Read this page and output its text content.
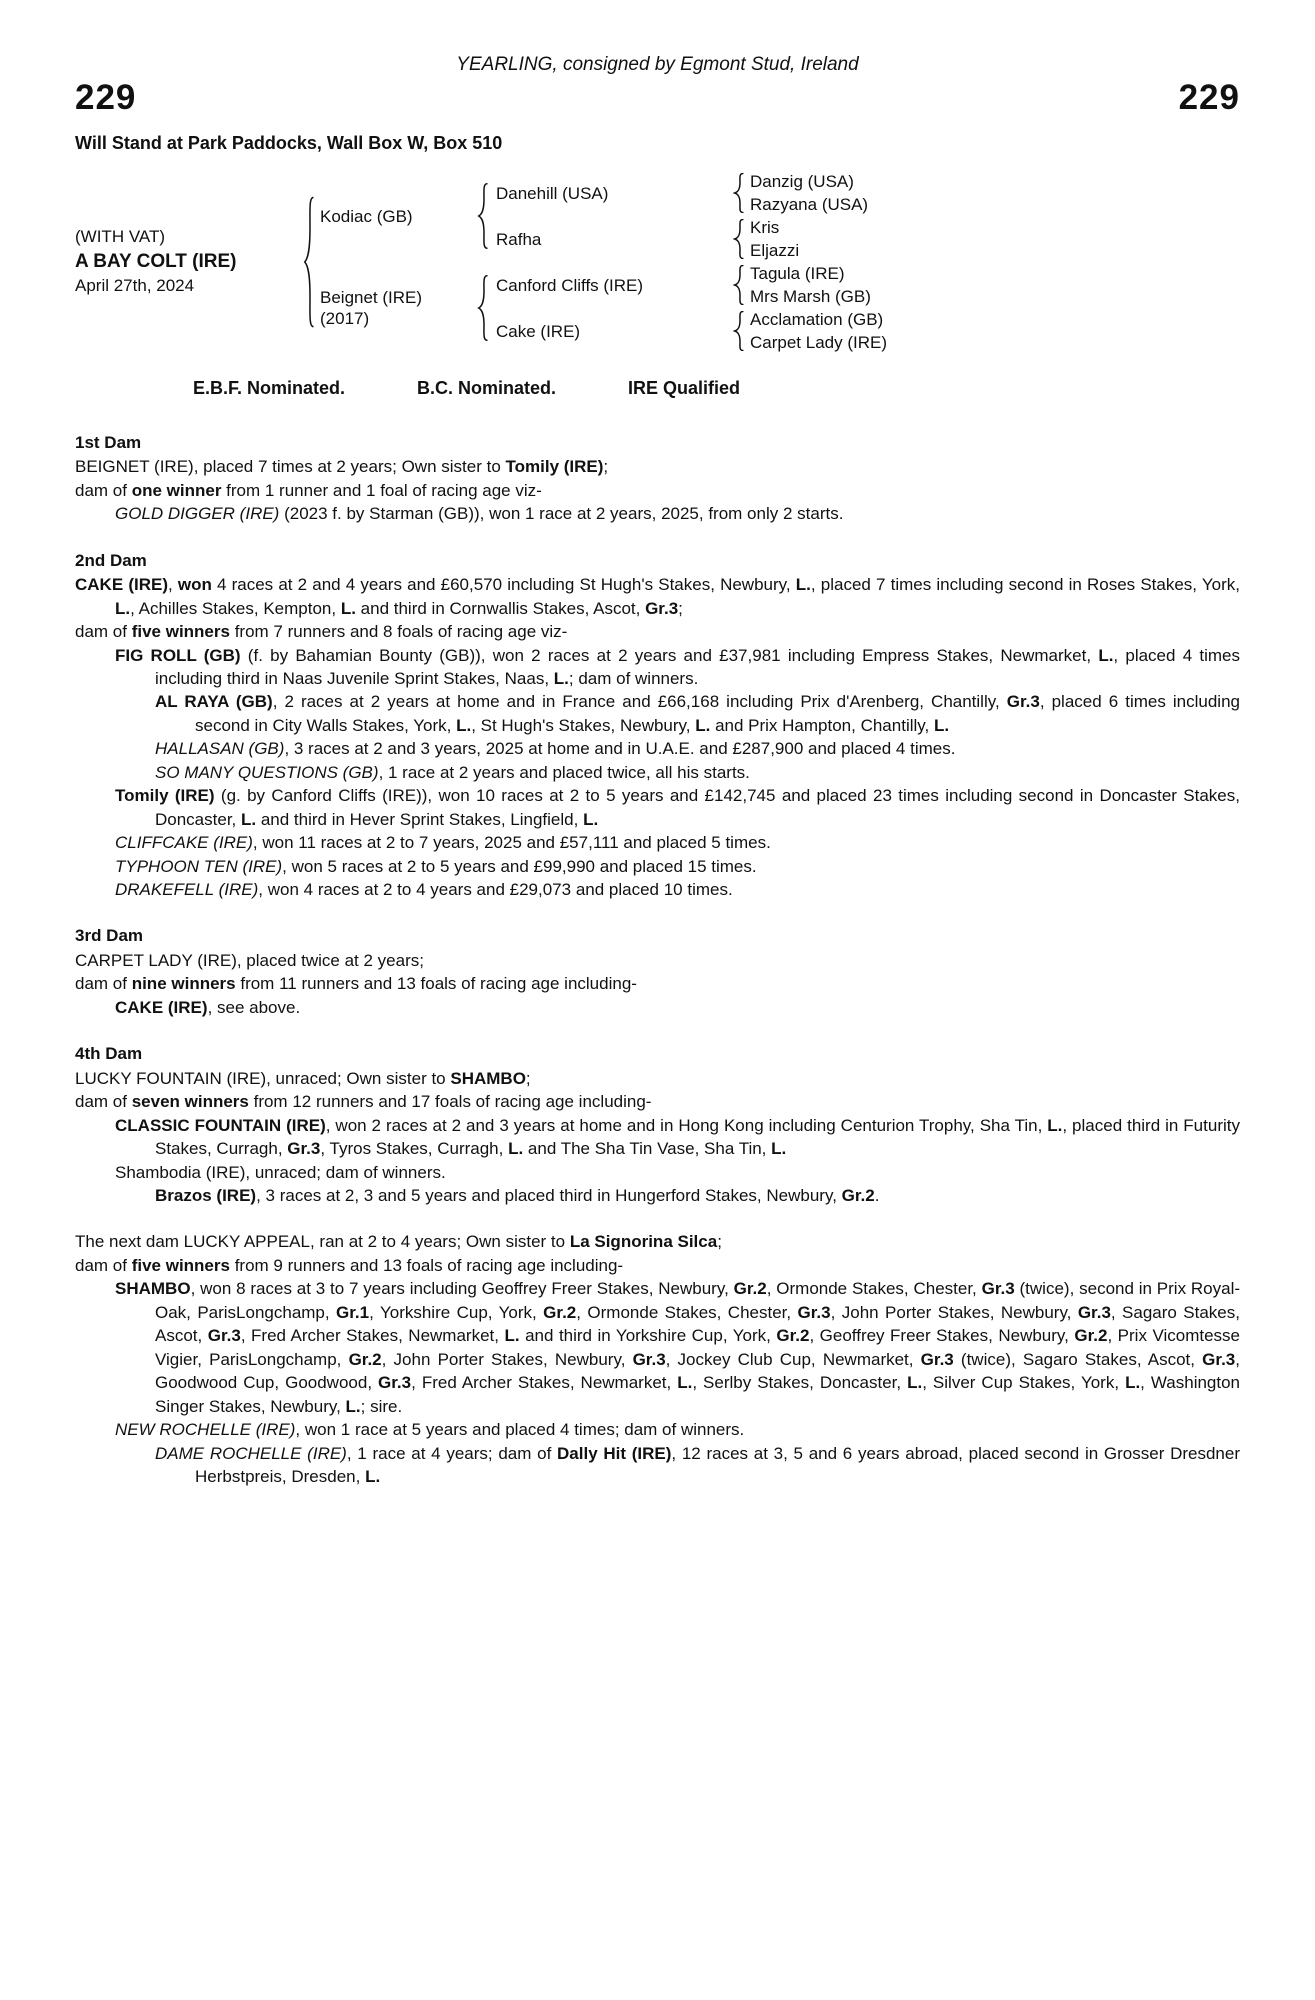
YEARLING, consigned by Egmont Stud, Ireland
229	229
Will Stand at Park Paddocks, Wall Box W, Box 510
(WITH VAT)
A BAY COLT (IRE)
April 27th, 2024
Kodiac (GB)
Beignet (IRE)
(2017)
Danehill (USA)
Rafha
Canford Cliffs (IRE)
Cake (IRE)
Danzig (USA)
Razyana (USA)
Kris
Eljazzi
Tagula (IRE)
Mrs Marsh (GB)
Acclamation (GB)
Carpet Lady (IRE)
E.B.F. Nominated.	B.C. Nominated.	IRE Qualified
1st Dam

BEIGNET (IRE), placed 7 times at 2 years; Own sister to Tomily (IRE);

dam of one winner from 1 runner and 1 foal of racing age viz-

GOLD DIGGER (IRE) (2023 f. by Starman (GB)), won 1 race at 2 years, 2025, from only 2 starts.

2nd Dam

CAKE (IRE), won 4 races at 2 and 4 years and £60,570 including St Hugh's Stakes, Newbury, L., placed 7 times including second in Roses Stakes, York, L., Achilles Stakes, Kempton, L. and third in Cornwallis Stakes, Ascot, Gr.3;

dam of five winners from 7 runners and 8 foals of racing age viz-

FIG ROLL (GB) (f. by Bahamian Bounty (GB)), won 2 races at 2 years and £37,981 including Empress Stakes, Newmarket, L., placed 4 times including third in Naas Juvenile Sprint Stakes, Naas, L.; dam of winners.

AL RAYA (GB), 2 races at 2 years at home and in France and £66,168 including Prix d'Arenberg, Chantilly, Gr.3, placed 6 times including second in City Walls Stakes, York, L., St Hugh's Stakes, Newbury, L. and Prix Hampton, Chantilly, L.

HALLASAN (GB), 3 races at 2 and 3 years, 2025 at home and in U.A.E. and £287,900 and placed 4 times.

SO MANY QUESTIONS (GB), 1 race at 2 years and placed twice, all his starts.

Tomily (IRE) (g. by Canford Cliffs (IRE)), won 10 races at 2 to 5 years and £142,745 and placed 23 times including second in Doncaster Stakes, Doncaster, L. and third in Hever Sprint Stakes, Lingfield, L.

CLIFFCAKE (IRE), won 11 races at 2 to 7 years, 2025 and £57,111 and placed 5 times.

TYPHOON TEN (IRE), won 5 races at 2 to 5 years and £99,990 and placed 15 times.

DRAKEFELL (IRE), won 4 races at 2 to 4 years and £29,073 and placed 10 times.

3rd Dam

CARPET LADY (IRE), placed twice at 2 years;

dam of nine winners from 11 runners and 13 foals of racing age including-

CAKE (IRE), see above.

4th Dam

LUCKY FOUNTAIN (IRE), unraced; Own sister to SHAMBO;

dam of seven winners from 12 runners and 17 foals of racing age including-

CLASSIC FOUNTAIN (IRE), won 2 races at 2 and 3 years at home and in Hong Kong including Centurion Trophy, Sha Tin, L., placed third in Futurity Stakes, Curragh, Gr.3, Tyros Stakes, Curragh, L. and The Sha Tin Vase, Sha Tin, L.

Shambodia (IRE), unraced; dam of winners.

Brazos (IRE), 3 races at 2, 3 and 5 years and placed third in Hungerford Stakes, Newbury, Gr.2.

The next dam LUCKY APPEAL, ran at 2 to 4 years; Own sister to La Signorina Silca;

dam of five winners from 9 runners and 13 foals of racing age including-

SHAMBO, won 8 races at 3 to 7 years including Geoffrey Freer Stakes, Newbury, Gr.2, Ormonde Stakes, Chester, Gr.3 (twice), second in Prix Royal-Oak, ParisLongchamp, Gr.1, Yorkshire Cup, York, Gr.2, Ormonde Stakes, Chester, Gr.3, John Porter Stakes, Newbury, Gr.3, Sagaro Stakes, Ascot, Gr.3, Fred Archer Stakes, Newmarket, L. and third in Yorkshire Cup, York, Gr.2, Geoffrey Freer Stakes, Newbury, Gr.2, Prix Vicomtesse Vigier, ParisLongchamp, Gr.2, John Porter Stakes, Newbury, Gr.3, Jockey Club Cup, Newmarket, Gr.3 (twice), Sagaro Stakes, Ascot, Gr.3, Goodwood Cup, Goodwood, Gr.3, Fred Archer Stakes, Newmarket, L., Serlby Stakes, Doncaster, L., Silver Cup Stakes, York, L., Washington Singer Stakes, Newbury, L.; sire.

NEW ROCHELLE (IRE), won 1 race at 5 years and placed 4 times; dam of winners.

DAME ROCHELLE (IRE), 1 race at 4 years; dam of Dally Hit (IRE), 12 races at 3, 5 and 6 years abroad, placed second in Grosser Dresdner Herbstpreis, Dresden, L.
